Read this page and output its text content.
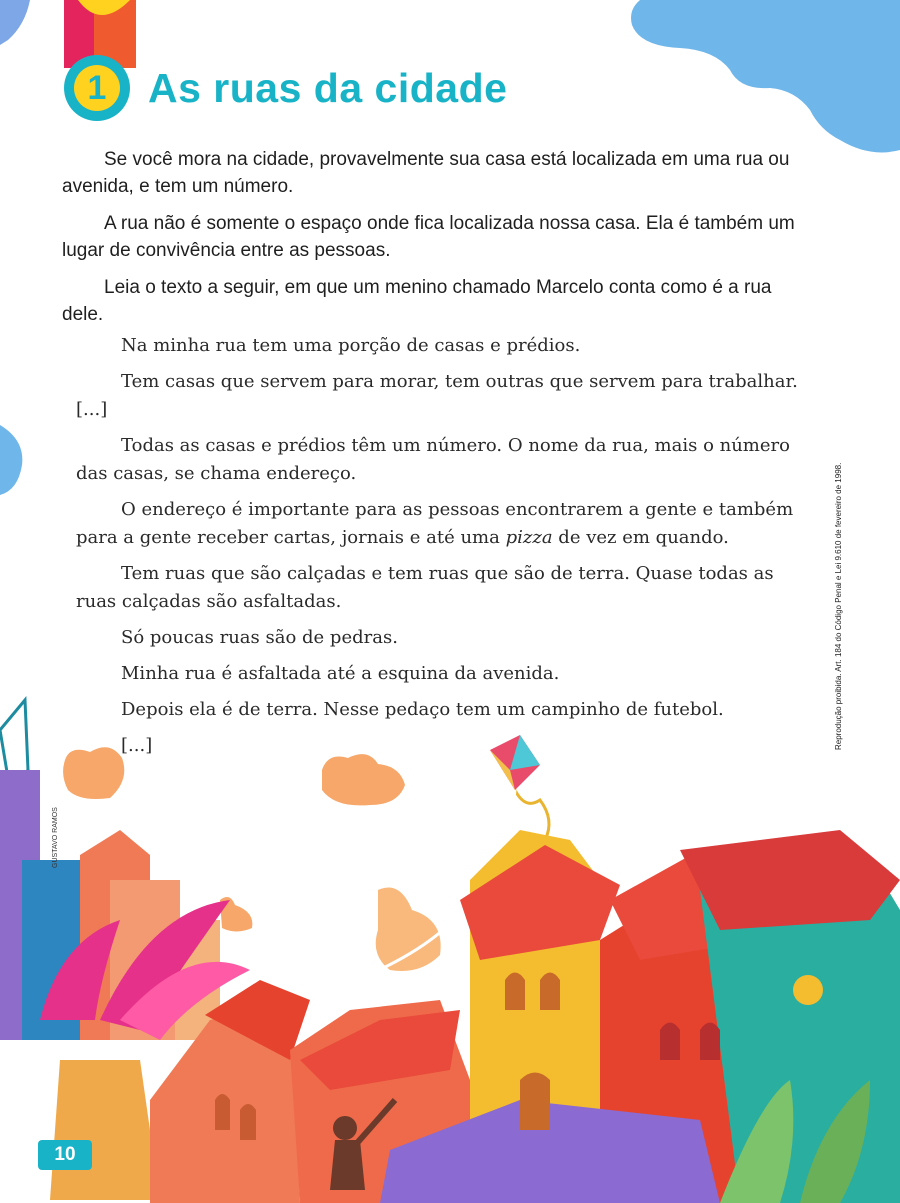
1	As ruas da cidade

Se você mora na cidade, provavelmente sua casa está localizada em uma rua ou avenida, e tem um número.

A rua não é somente o espaço onde fica localizada nossa casa. Ela é também um lugar de convivência entre as pessoas.

Leia o texto a seguir, em que um menino chamado Marcelo conta como é a rua dele.

Na minha rua tem uma porção de casas e prédios.

Tem casas que servem para morar, tem outras que servem para trabalhar. [...]

Todas as casas e prédios têm um número. O nome da rua, mais o número das casas, se chama endereço.

O endereço é importante para as pessoas encontrarem a gente e também para a gente receber cartas, jornais e até uma pizza de vez em quando.

Tem ruas que são calçadas e tem ruas que são de terra. Quase todas as ruas calçadas são asfaltadas.

Só poucas ruas são de pedras.

Minha rua é asfaltada até a esquina da avenida.

Depois ela é de terra. Nesse pedaço tem um campinho de futebol.

[...]	Reprodução proibida. Art. 184 do Código Penal e Lei 9.610 de fevereiro de 1998.
GUSTAVO RAMOS
10
